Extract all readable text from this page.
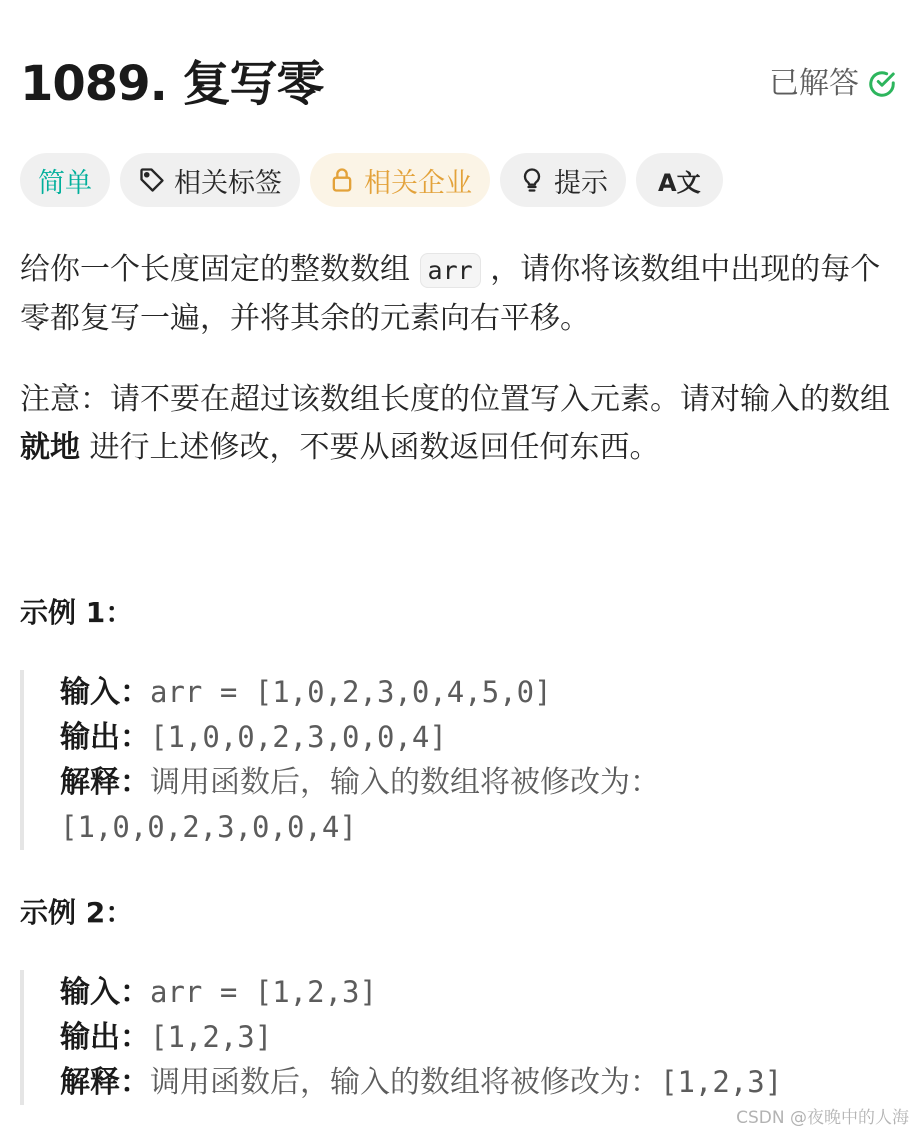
1089. 复写零	已解答
简单	相关标签	相关企业	提示 A文
给你一个长度固定的整数数组 arr ，请你将该数组中出现的每个零都复写一遍，并将其余的元素向右平移。
注意：请不要在超过该数组长度的位置写入元素。请对输入的数组 就地 进行上述修改，不要从函数返回任何东西。
示例 1：
输入：arr = [1,0,2,3,0,4,5,0]
输出：[1,0,0,2,3,0,0,4]
解释：调用函数后，输入的数组将被修改为：
[1,0,0,2,3,0,0,4]
示例 2：
输入：arr = [1,2,3]
输出：[1,2,3]
解释：调用函数后，输入的数组将被修改为：[1,2,3]
CSDN @夜晚中的人海
